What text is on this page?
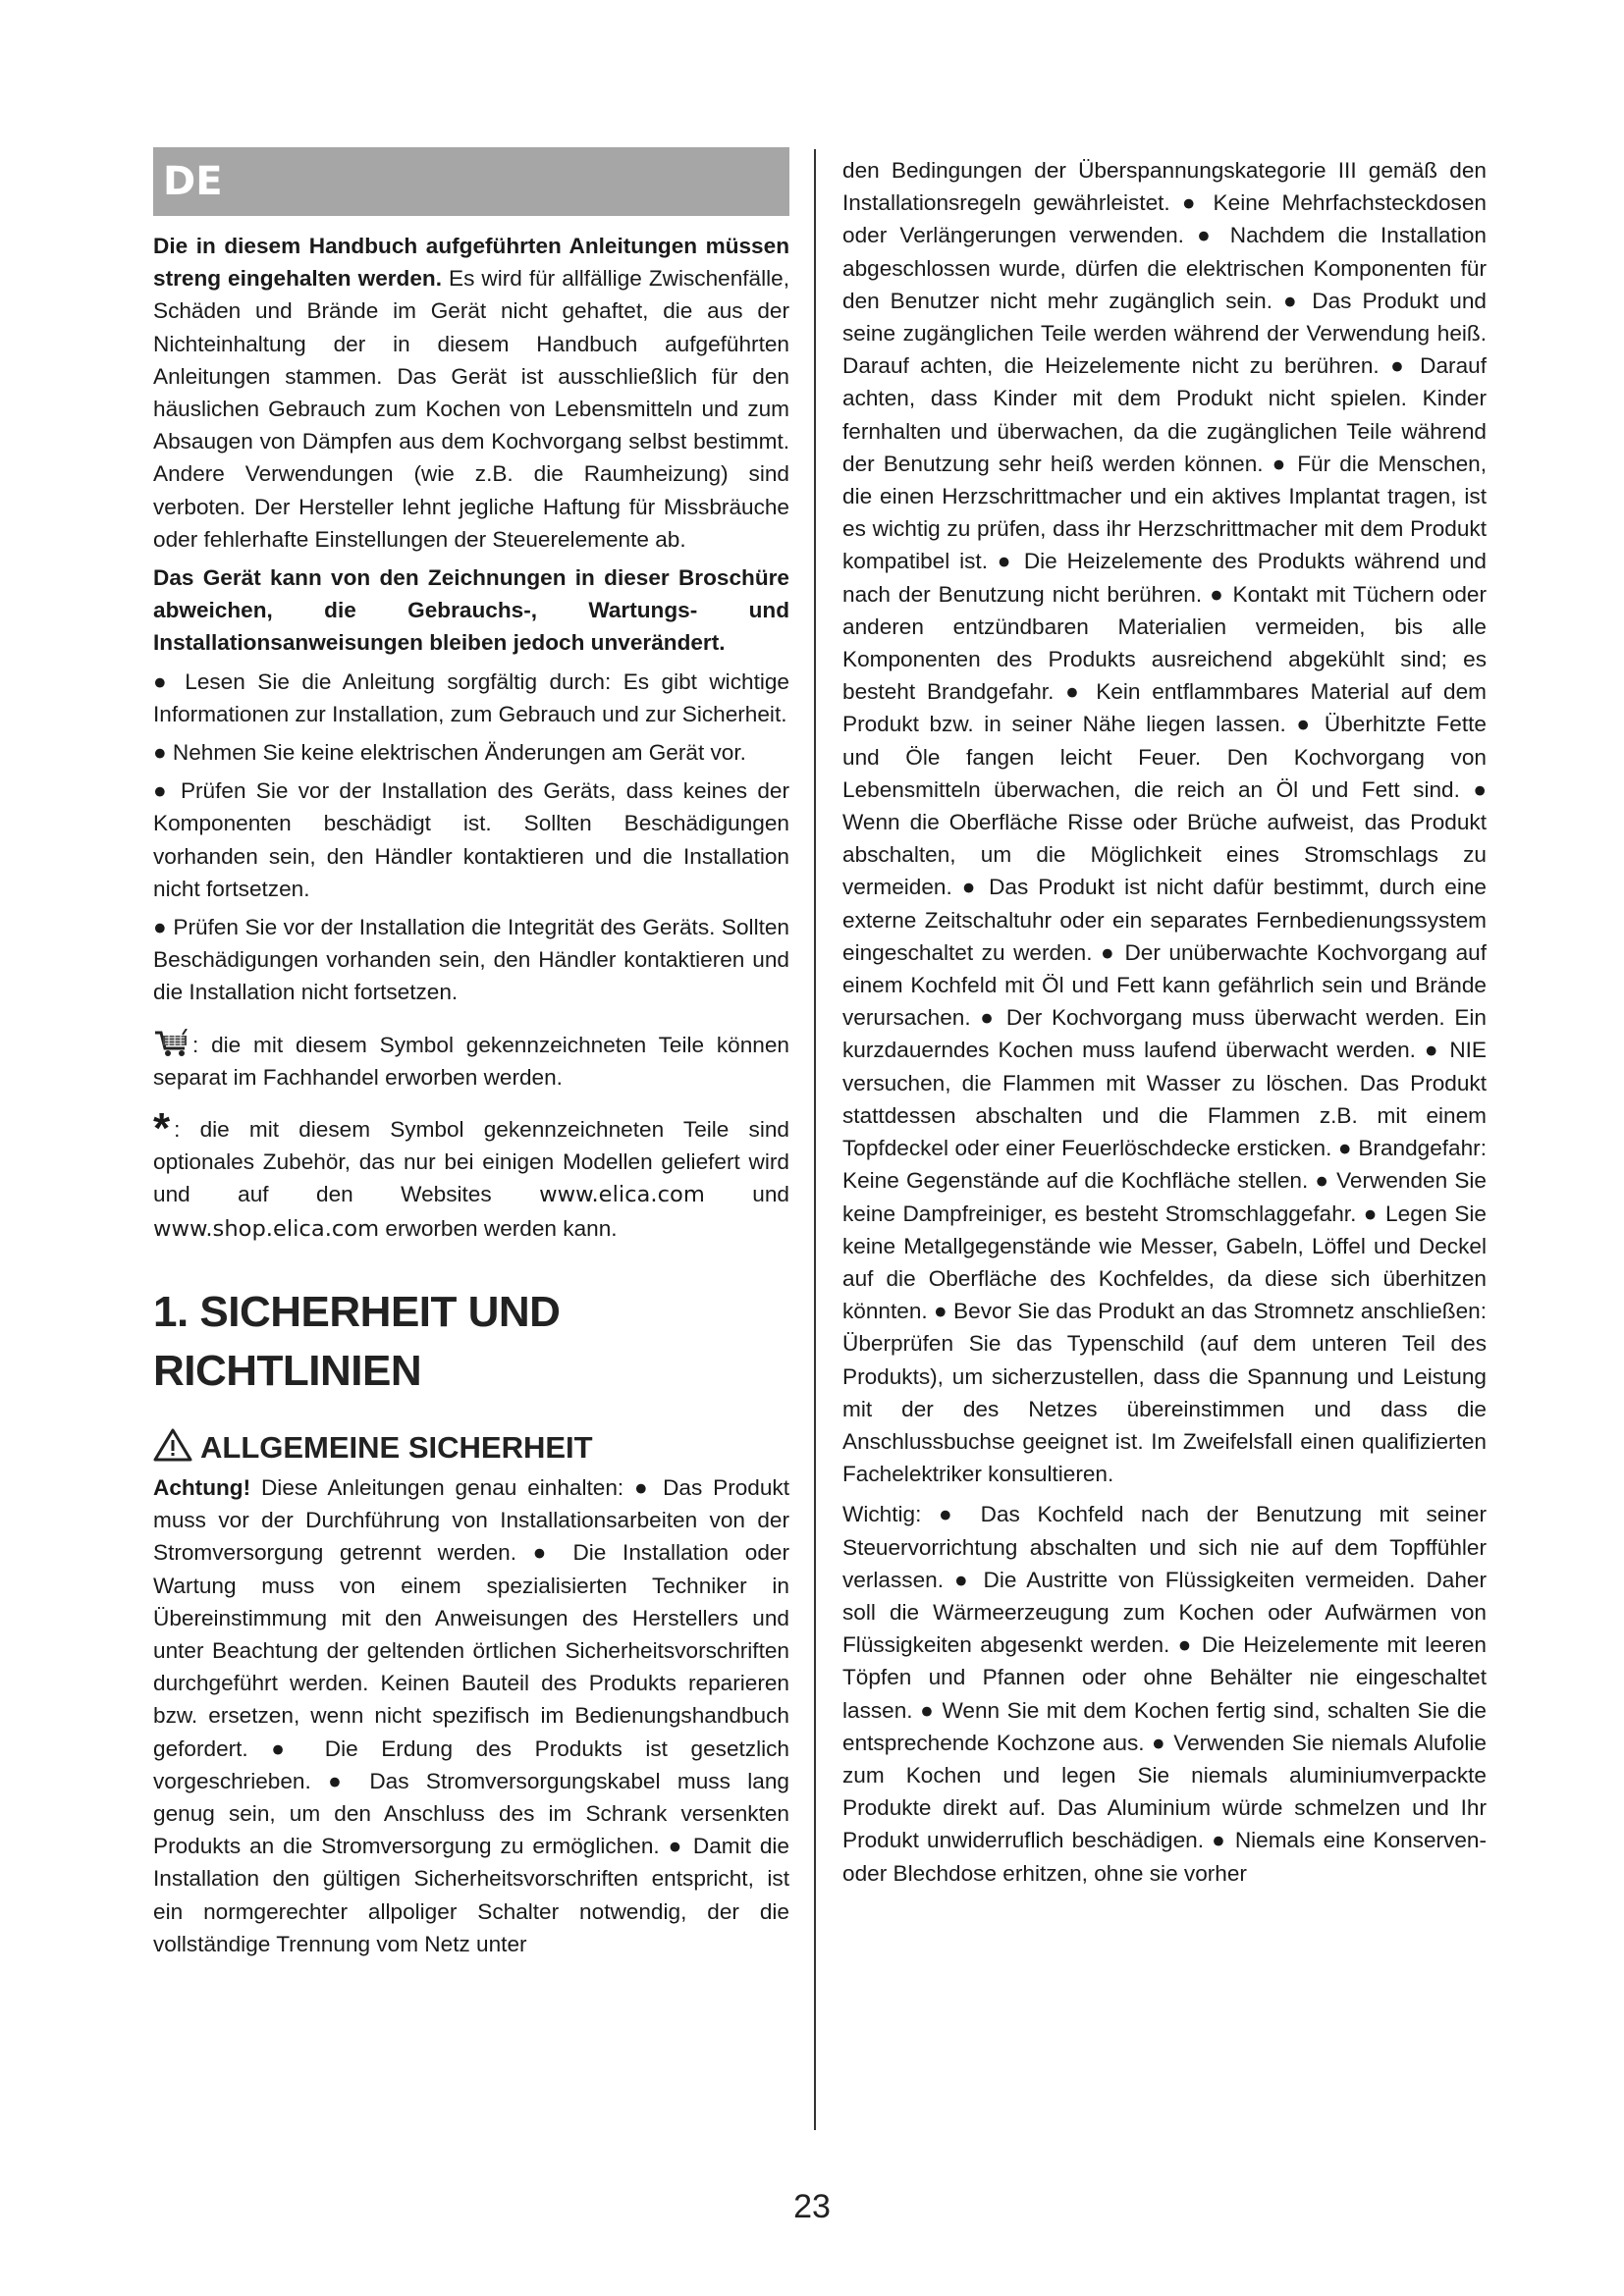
DE

Die in diesem Handbuch aufgeführten Anleitungen müssen streng eingehalten werden. Es wird für allfällige Zwischenfälle, Schäden und Brände im Gerät nicht gehaftet, die aus der Nichteinhaltung der in diesem Handbuch aufgeführten Anleitungen stammen. Das Gerät ist ausschließlich für den häuslichen Gebrauch zum Kochen von Lebensmitteln und zum Absaugen von Dämpfen aus dem Kochvorgang selbst bestimmt. Andere Verwendungen (wie z.B. die Raumheizung) sind verboten. Der Hersteller lehnt jegliche Haftung für Missbräuche oder fehlerhafte Einstellungen der Steuerelemente ab.

Das Gerät kann von den Zeichnungen in dieser Broschüre abweichen, die Gebrauchs-, Wartungs- und Installationsanweisungen bleiben jedoch unverändert.

● Lesen Sie die Anleitung sorgfältig durch: Es gibt wichtige Informationen zur Installation, zum Gebrauch und zur Sicherheit.

● Nehmen Sie keine elektrischen Änderungen am Gerät vor.

● Prüfen Sie vor der Installation des Geräts, dass keines der Komponenten beschädigt ist. Sollten Beschädigungen vorhanden sein, den Händler kontaktieren und die Installation nicht fortsetzen.

● Prüfen Sie vor der Installation die Integrität des Geräts. Sollten Beschädigungen vorhanden sein, den Händler kontaktieren und die Installation nicht fortsetzen.

: die mit diesem Symbol gekennzeichneten Teile können separat im Fachhandel erworben werden.

* : die mit diesem Symbol gekennzeichneten Teile sind optionales Zubehör, das nur bei einigen Modellen geliefert wird und auf den Websites www.elica.com und www.shop.elica.com erworben werden kann.

1. SICHERHEIT UND RICHTLINIEN
ALLGEMEINE SICHERHEIT

Achtung! Diese Anleitungen genau einhalten: ● Das Produkt muss vor der Durchführung von Installationsarbeiten von der Stromversorgung getrennt werden. ● Die Installation oder Wartung muss von einem spezialisierten Techniker in Übereinstimmung mit den Anweisungen des Herstellers und unter Beachtung der geltenden örtlichen Sicherheitsvorschriften durchgeführt werden. Keinen Bauteil des Produkts reparieren bzw. ersetzen, wenn nicht spezifisch im Bedienungshandbuch gefordert. ● Die Erdung des Produkts ist gesetzlich vorgeschrieben. ● Das Stromversorgungskabel muss lang genug sein, um den Anschluss des im Schrank versenkten Produkts an die Stromversorgung zu ermöglichen. ● Damit die Installation den gültigen Sicherheitsvorschriften entspricht, ist ein normgerechter allpoliger Schalter notwendig, der die vollständige Trennung vom Netz unter

den Bedingungen der Überspannungskategorie III gemäß den Installationsregeln gewährleistet. ● Keine Mehrfachsteckdosen oder Verlängerungen verwenden. ● Nachdem die Installation abgeschlossen wurde, dürfen die elektrischen Komponenten für den Benutzer nicht mehr zugänglich sein. ● Das Produkt und seine zugänglichen Teile werden während der Verwendung heiß. Darauf achten, die Heizelemente nicht zu berühren. ● Darauf achten, dass Kinder mit dem Produkt nicht spielen. Kinder fernhalten und überwachen, da die zugänglichen Teile während der Benutzung sehr heiß werden können. ● Für die Menschen, die einen Herzschrittmacher und ein aktives Implantat tragen, ist es wichtig zu prüfen, dass ihr Herzschrittmacher mit dem Produkt kompatibel ist. ● Die Heizelemente des Produkts während und nach der Benutzung nicht berühren. ● Kontakt mit Tüchern oder anderen entzündbaren Materialien vermeiden, bis alle Komponenten des Produkts ausreichend abgekühlt sind; es besteht Brandgefahr. ● Kein entflammbares Material auf dem Produkt bzw. in seiner Nähe liegen lassen. ● Überhitzte Fette und Öle fangen leicht Feuer. Den Kochvorgang von Lebensmitteln überwachen, die reich an Öl und Fett sind. ● Wenn die Oberfläche Risse oder Brüche aufweist, das Produkt abschalten, um die Möglichkeit eines Stromschlags zu vermeiden. ● Das Produkt ist nicht dafür bestimmt, durch eine externe Zeitschaltuhr oder ein separates Fernbedienungssystem eingeschaltet zu werden. ● Der unüberwachte Kochvorgang auf einem Kochfeld mit Öl und Fett kann gefährlich sein und Brände verursachen. ● Der Kochvorgang muss überwacht werden. Ein kurzdauerndes Kochen muss laufend überwacht werden. ● NIE versuchen, die Flammen mit Wasser zu löschen. Das Produkt stattdessen abschalten und die Flammen z.B. mit einem Topfdeckel oder einer Feuerlöschdecke ersticken. ● Brandgefahr: Keine Gegenstände auf die Kochfläche stellen. ● Verwenden Sie keine Dampfreiniger, es besteht Stromschlaggefahr. ● Legen Sie keine Metallgegenstände wie Messer, Gabeln, Löffel und Deckel auf die Oberfläche des Kochfeldes, da diese sich überhitzen könnten. ● Bevor Sie das Produkt an das Stromnetz anschließen: Überprüfen Sie das Typenschild (auf dem unteren Teil des Produkts), um sicherzustellen, dass die Spannung und Leistung mit der des Netzes übereinstimmen und dass die Anschlussbuchse geeignet ist. Im Zweifelsfall einen qualifizierten Fachelektriker konsultieren.

Wichtig: ● Das Kochfeld nach der Benutzung mit seiner Steuervorrichtung abschalten und sich nie auf dem Topffühler verlassen. ● Die Austritte von Flüssigkeiten vermeiden. Daher soll die Wärmeerzeugung zum Kochen oder Aufwärmen von Flüssigkeiten abgesenkt werden. ● Die Heizelemente mit leeren Töpfen und Pfannen oder ohne Behälter nie eingeschaltet lassen. ● Wenn Sie mit dem Kochen fertig sind, schalten Sie die entsprechende Kochzone aus. ● Verwenden Sie niemals Alufolie zum Kochen und legen Sie niemals aluminiumverpackte Produkte direkt auf. Das Aluminium würde schmelzen und Ihr Produkt unwiderruflich beschädigen. ● Niemals eine Konserven- oder Blechdose erhitzen, ohne sie vorher

23
